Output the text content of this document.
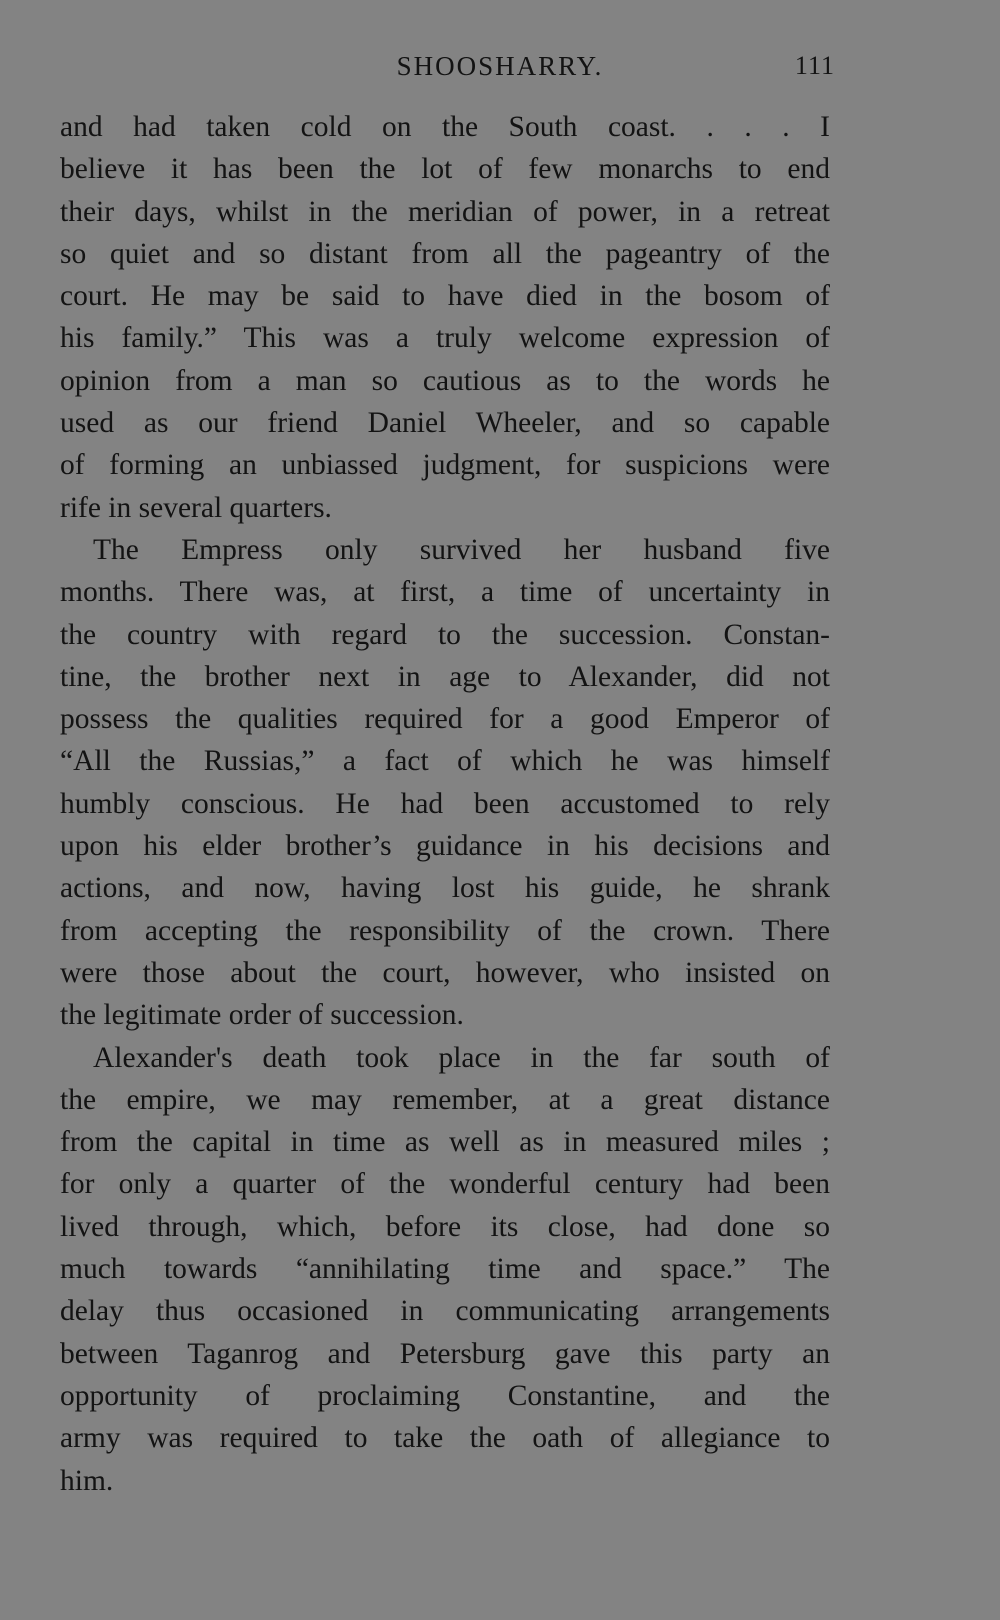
SHOOSHARRY.	111
and had taken cold on the South coast. . . . I
believe it has been the lot of few monarchs to end
their days, whilst in the meridian of power, in a retreat
so quiet and so distant from all the pageantry of the
court. He may be said to have died in the bosom of
his family.” This was a truly welcome expression of
opinion from a man so cautious as to the words he
used as our friend Daniel Wheeler, and so capable
of forming an unbiassed judgment, for suspicions were
rife in several quarters.
The Empress only survived her husband five
months. There was, at first, a time of uncertainty in
the country with regard to the succession. Constan-
tine, the brother next in age to Alexander, did not
possess the qualities required for a good Emperor of
“All the Russias,” a fact of which he was himself
humbly conscious. He had been accustomed to rely
upon his elder brother’s guidance in his decisions and
actions, and now, having lost his guide, he shrank
from accepting the responsibility of the crown. There
were those about the court, however, who insisted on
the legitimate order of succession.
Alexander's death took place in the far south of
the empire, we may remember, at a great distance
from the capital in time as well as in measured miles ;
for only a quarter of the wonderful century had been
lived through, which, before its close, had done so
much towards “annihilating time and space.” The
delay thus occasioned in communicating arrangements
between Taganrog and Petersburg gave this party an
opportunity of proclaiming Constantine, and the
army was required to take the oath of allegiance to
him.
